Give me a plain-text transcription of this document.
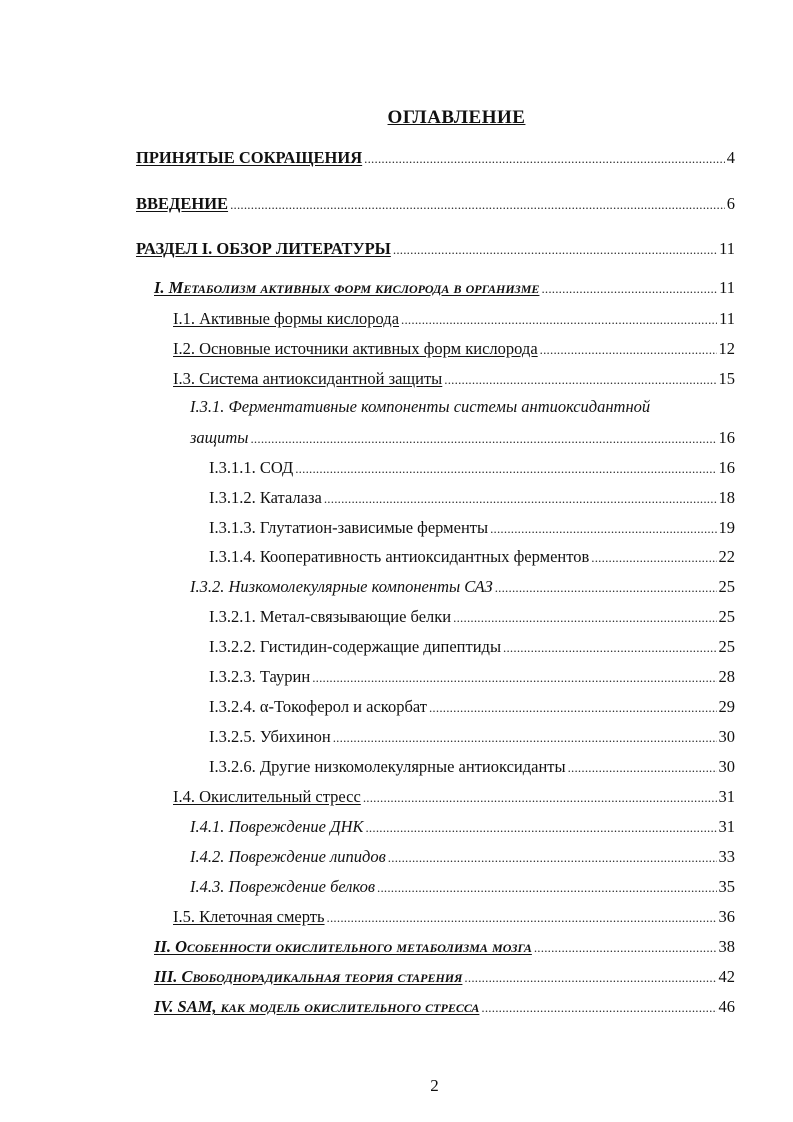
ОГЛАВЛЕНИЕ
ПРИНЯТЫЕ СОКРАЩЕНИЯ .....	4
ВВЕДЕНИЕ .....	6
РАЗДЕЛ I. ОБЗОР ЛИТЕРАТУРЫ .....	11
I. Метаболизм активных форм кислорода в организме .....	11
I.1. Активные формы кислорода .....	11
I.2. Основные источники активных форм кислорода .....	12
I.3. Система антиоксидантной защиты .....	15
I.3.1. Ферментативные компоненты системы антиоксидантной
защиты .....	16
I.3.1.1. СОД .....	16
I.3.1.2. Каталаза .....	18
I.3.1.3. Глутатион-зависимые ферменты .....	19
I.3.1.4. Кооперативность антиоксидантных ферментов .....	22
I.3.2. Низкомолекулярные компоненты САЗ .....	25
I.3.2.1. Метал-связывающие белки .....	25
I.3.2.2. Гистидин-содержащие дипептиды .....	25
I.3.2.3. Таурин .....	28
I.3.2.4. α-Токоферол и аскорбат .....	29
I.3.2.5. Убихинон .....	30
I.3.2.6. Другие низкомолекулярные антиоксиданты .....	30
I.4. Окислительный стресс .....	31
I.4.1. Повреждение ДНК .....	31
I.4.2. Повреждение липидов .....	33
I.4.3. Повреждение белков .....	35
I.5. Клеточная смерть .....	36
II. Особенности окислительного метаболизма мозга .....	38
III. Свободнорадикальная теория старения .....	42
IV. SAM, как модель окислительного стресса .....	46
2
